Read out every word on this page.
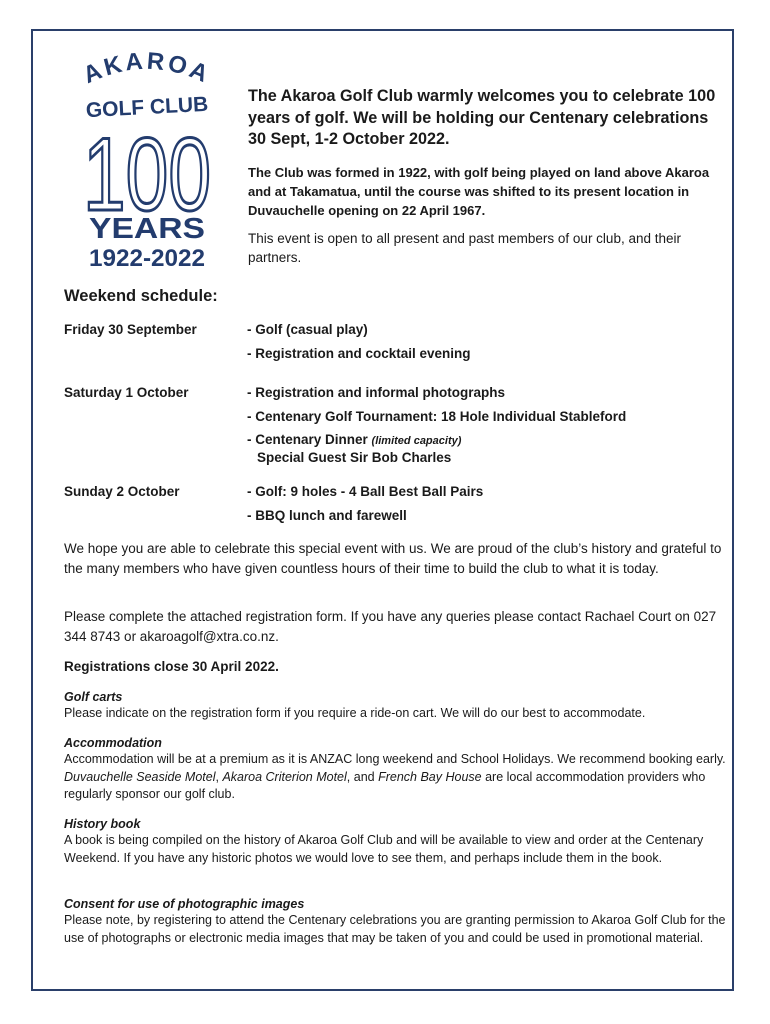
AKAROA
GOLF CLUB
100
YEARS
1922-2022

The Akaroa Golf Club warmly welcomes you to celebrate 100 years of golf. We will be holding our Centenary celebrations 30 Sept, 1-2 October 2022.

The Club was formed in 1922, with golf being played on land above Akaroa and at Takamatua, until the course was shifted to its present location in Duvauchelle opening on 22 April 1967.

This event is open to all present and past members of our club, and their partners.

Weekend schedule:
Friday 30 September	- Golf (casual play)
- Registration and cocktail evening
Saturday 1 October	- Registration and informal photographs
- Centenary Golf Tournament: 18 Hole Individual Stableford
- Centenary Dinner (limited capacity)
Special Guest Sir Bob Charles
Sunday 2 October	- Golf: 9 holes - 4 Ball Best Ball Pairs
- BBQ lunch and farewell

We hope you are able to celebrate this special event with us. We are proud of the club’s history and grateful to the many members who have given countless hours of their time to build the club to what it is today.

Please complete the attached registration form. If you have any queries please contact Rachael Court on 027 344 8743 or akaroagolf@xtra.co.nz.

Registrations close 30 April 2022.
Golf carts

Please indicate on the registration form if you require a ride-on cart. We will do our best to accommodate.

Accommodation

Accommodation will be at a premium as it is ANZAC long weekend and School Holidays. We recommend booking early. Duvauchelle Seaside Motel, Akaroa Criterion Motel, and French Bay House are local accommodation providers who regularly sponsor our golf club.

History book

A book is being compiled on the history of Akaroa Golf Club and will be available to view and order at the Centenary Weekend. If you have any historic photos we would love to see them, and perhaps include them in the book.

Consent for use of photographic images

Please note, by registering to attend the Centenary celebrations you are granting permission to Akaroa Golf Club for the use of photographs or electronic media images that may be taken of you and could be used in promotional material.
